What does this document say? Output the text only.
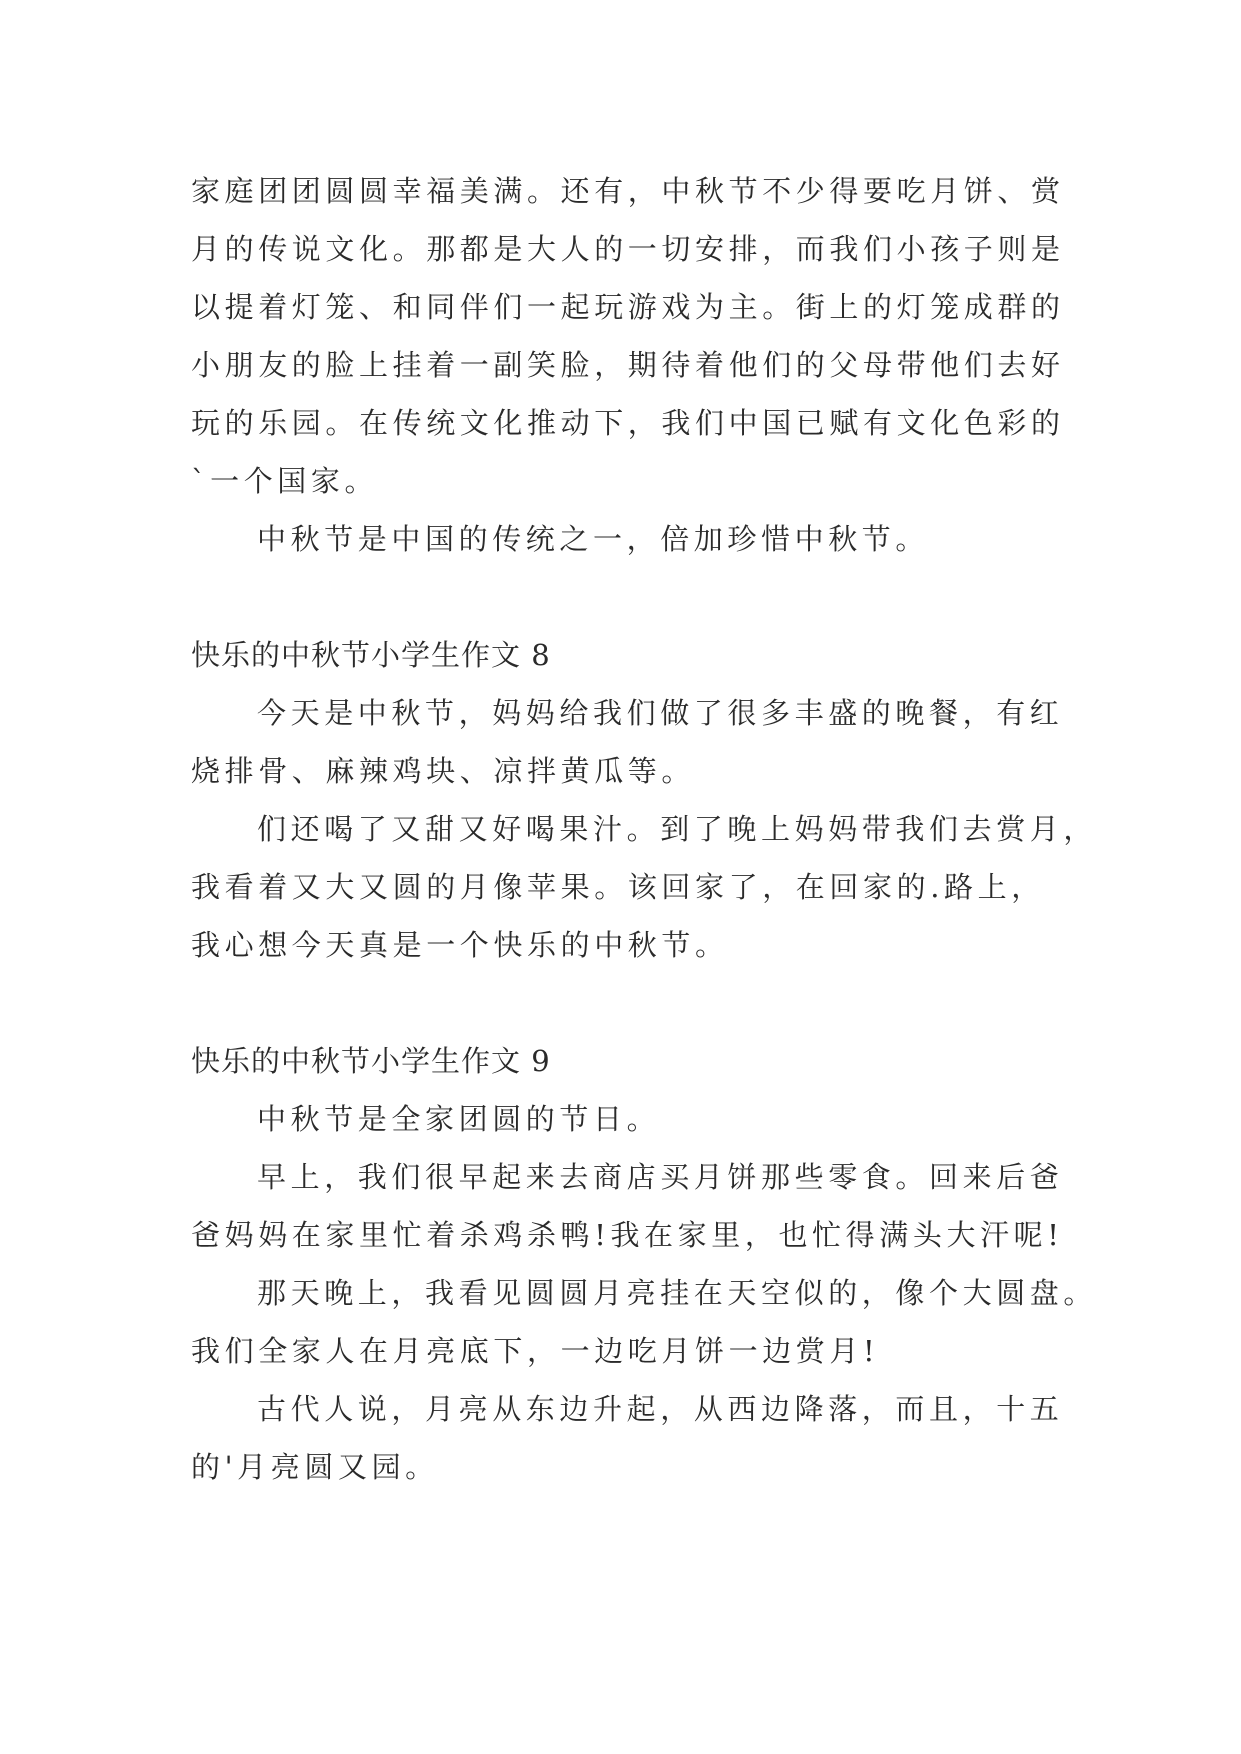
家庭团团圆圆幸福美满。还有，中秋节不少得要吃月饼、赏
月的传说文化。那都是大人的一切安排，而我们小孩子则是
以提着灯笼、和同伴们一起玩游戏为主。街上的灯笼成群的
小朋友的脸上挂着一副笑脸，期待着他们的父母带他们去好
玩的乐园。在传统文化推动下，我们中国已赋有文化色彩的
`一个国家。
中秋节是中国的传统之一，倍加珍惜中秋节。
快乐的中秋节小学生作文 8
今天是中秋节，妈妈给我们做了很多丰盛的晚餐，有红
烧排骨、麻辣鸡块、凉拌黄瓜等。
们还喝了又甜又好喝果汁。到了晚上妈妈带我们去赏月，
我看着又大又圆的月像苹果。该回家了，在回家的.路上，
我心想今天真是一个快乐的中秋节。
快乐的中秋节小学生作文 9
中秋节是全家团圆的节日。
早上，我们很早起来去商店买月饼那些零食。回来后爸
爸妈妈在家里忙着杀鸡杀鸭!我在家里，也忙得满头大汗呢!
那天晚上，我看见圆圆月亮挂在天空似的，像个大圆盘。
我们全家人在月亮底下，一边吃月饼一边赏月!
古代人说，月亮从东边升起，从西边降落，而且，十五
的'月亮圆又园。
